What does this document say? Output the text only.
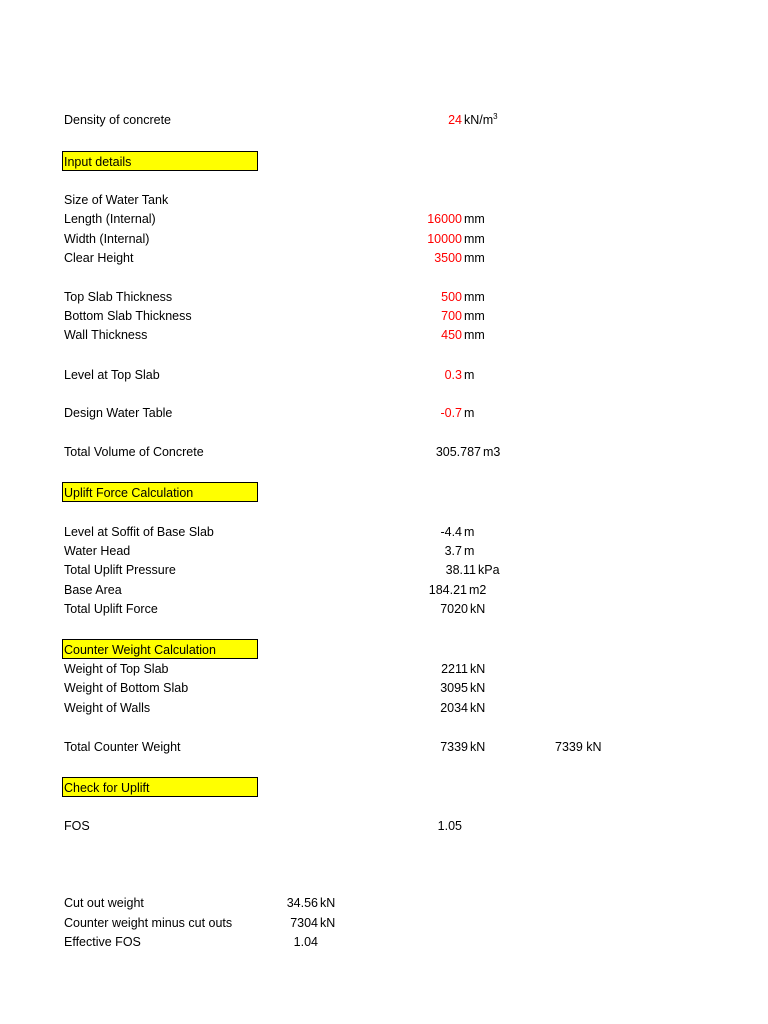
Density of concrete	24 $kN/m^3$
Input details
Size of Water Tank
Length (Internal)	16000 mm
Width (Internal)	10000 mm
Clear Height	3500 mm
Top Slab Thickness	500 mm
Bottom Slab Thickness	700 mm
Wall Thickness	450 mm
Level at Top Slab	0.3 m
Design Water Table	-0.7 m
Total Volume of Concrete	305.787 m3
Uplift Force Calculation
Level at Soffit of Base Slab	-4.4 m
Water Head	3.7 m
Total Uplift Pressure	38.11 kPa
Base Area	184.21 m2
Total Uplift Force	7020 kN
Counter Weight Calculation
Weight of Top Slab	2211 kN
Weight of Bottom Slab	3095 kN
Weight of Walls	2034 kN
Total Counter Weight	7339 kN	7339 kN
Check for Uplift
FOS	1.05
Cut out weight	34.56 kN
Counter weight minus cut outs	7304 kN
Effective FOS	1.04
